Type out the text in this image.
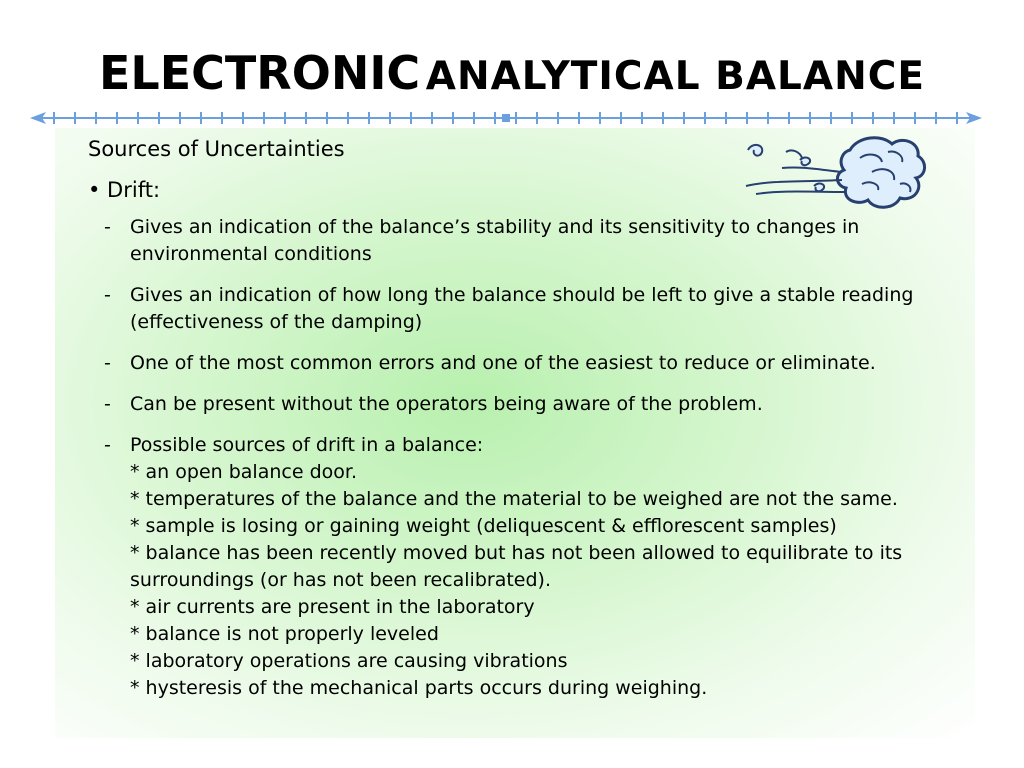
ELECTRONIC ANALYTICAL BALANCE
Sources of Uncertainties
• Drift:
- Gives an indication of the balance’s stability and its sensitivity to changes in environmental conditions
- Gives an indication of how long the balance should be left to give a stable reading (effectiveness of the damping)
- One of the most common errors and one of the easiest to reduce or eliminate.
- Can be present without the operators being aware of the problem.
- Possible sources of drift in a balance:
* an open balance door.
* temperatures of the balance and the material to be weighed are not the same.
* sample is losing or gaining weight (deliquescent & efflorescent samples)
* balance has been recently moved but has not been allowed to equilibrate to its surroundings (or has not been recalibrated).
* air currents are present in the laboratory
* balance is not properly leveled
* laboratory operations are causing vibrations
* hysteresis of the mechanical parts occurs during weighing.
